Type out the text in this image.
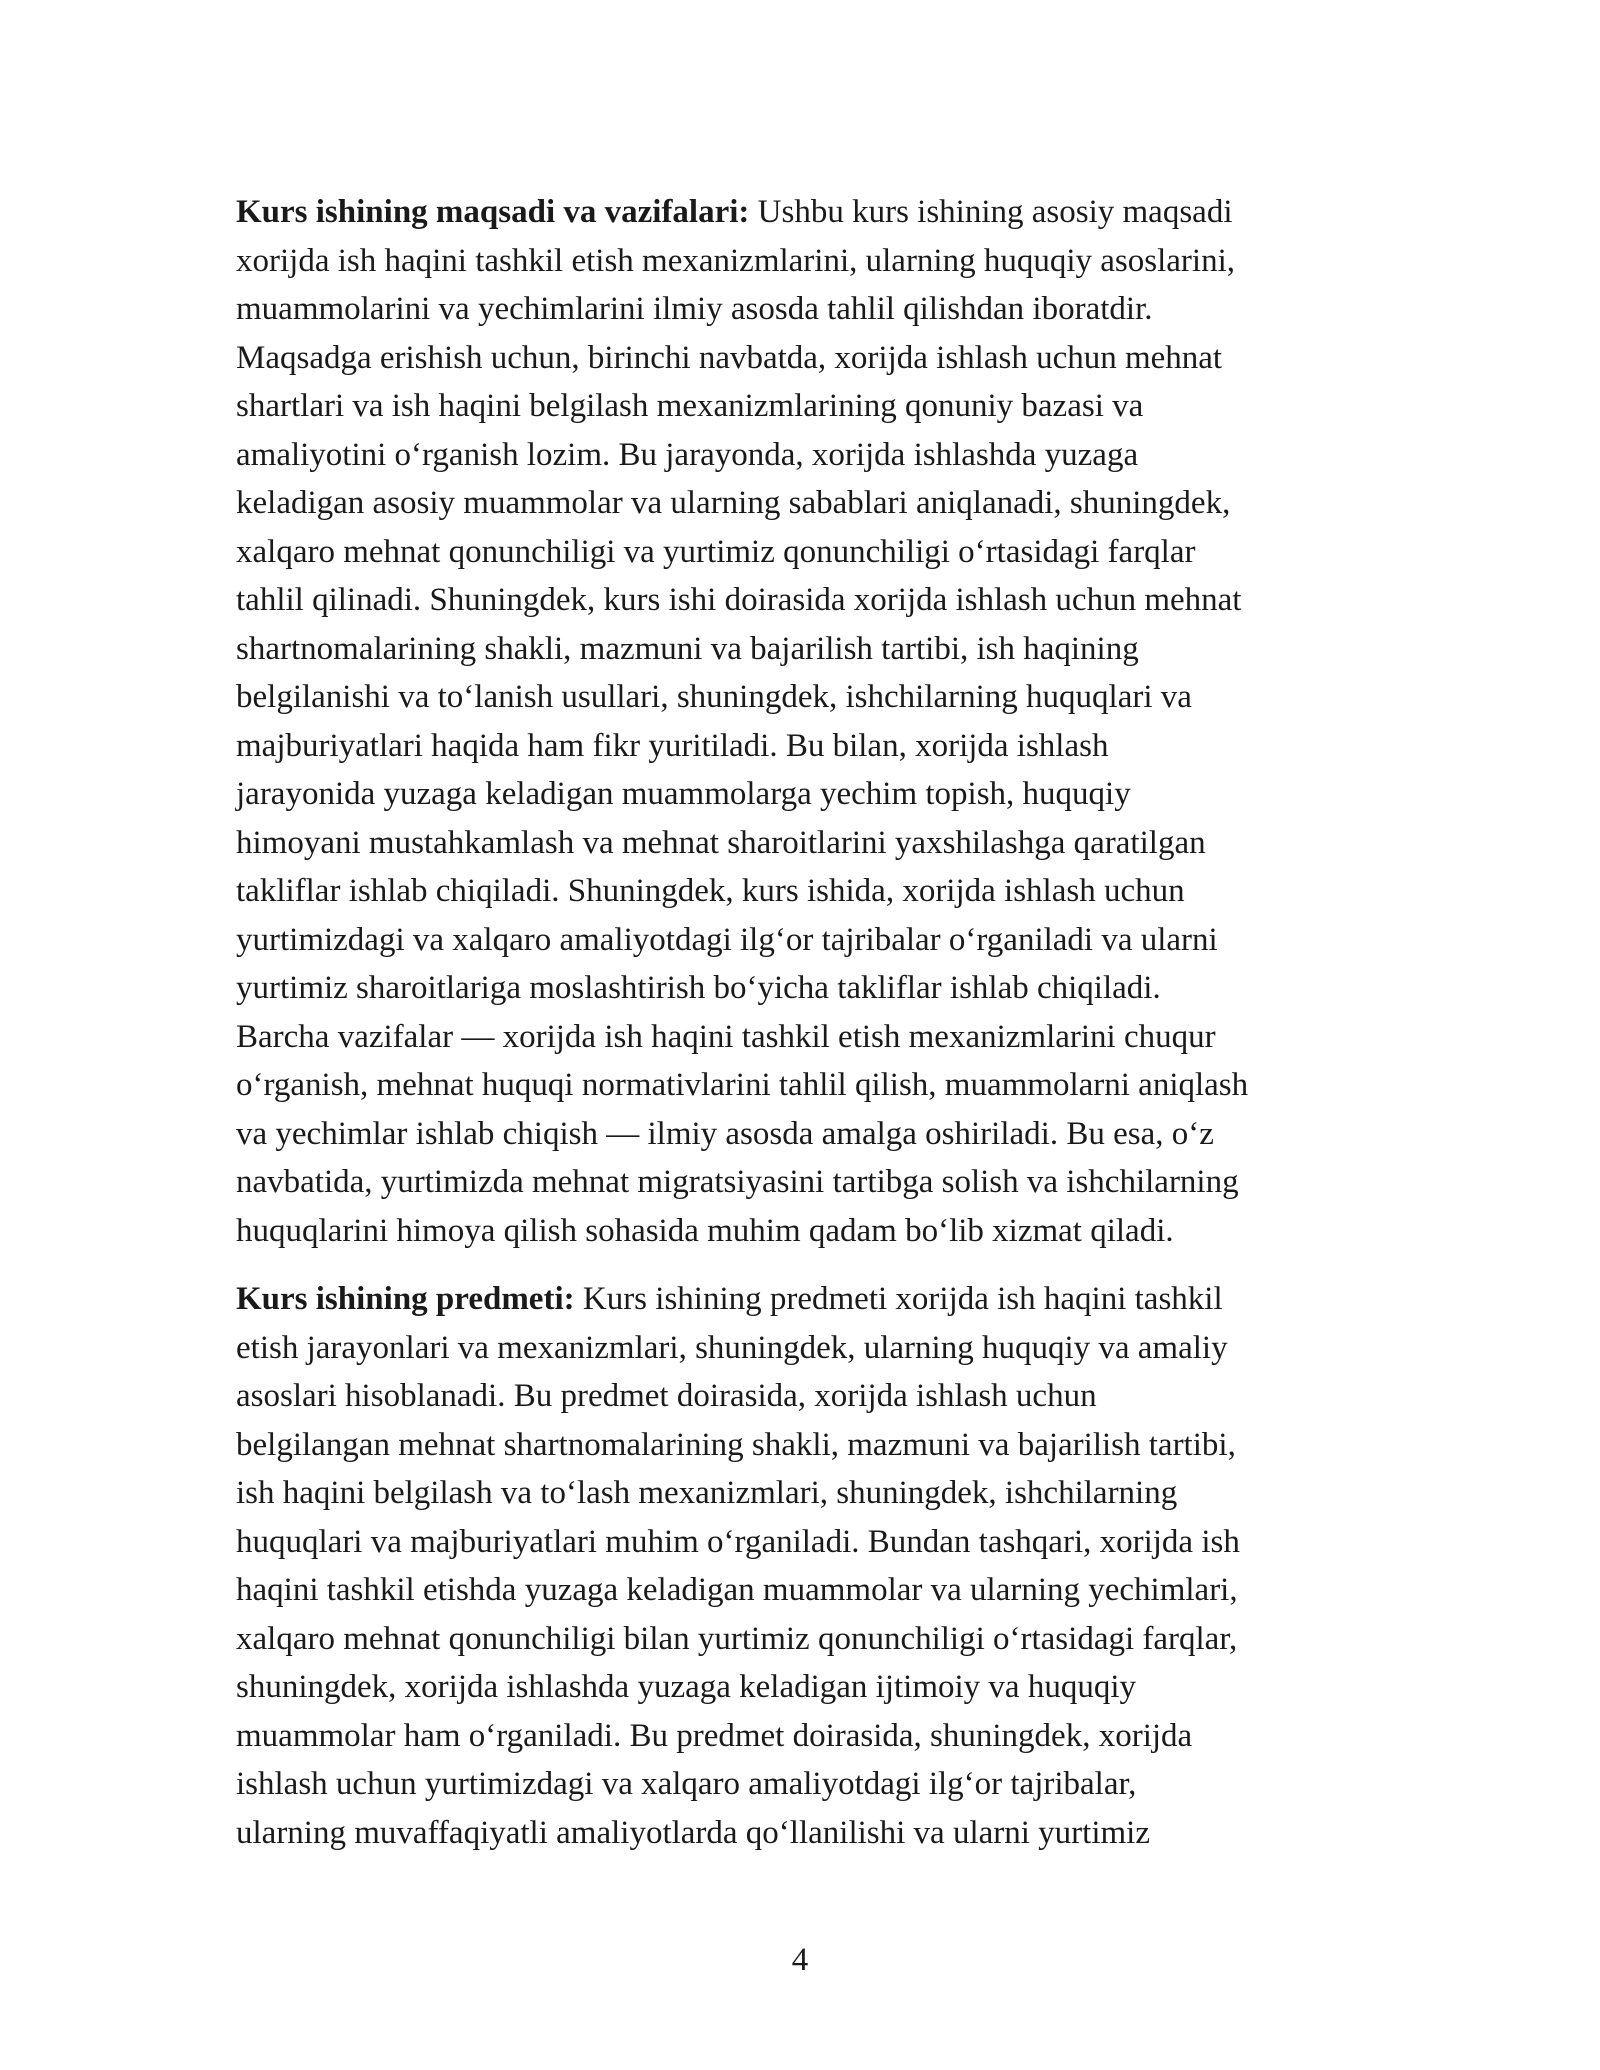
Kurs ishining maqsadi va vazifalari: Ushbu kurs ishining asosiy maqsadi
xorijda ish haqini tashkil etish mexanizmlarini, ularning huquqiy asoslarini,
muammolarini va yechimlarini ilmiy asosda tahlil qilishdan iboratdir.
Maqsadga erishish uchun, birinchi navbatda, xorijda ishlash uchun mehnat
shartlari va ish haqini belgilash mexanizmlarining qonuniy bazasi va
amaliyotini o‘rganish lozim. Bu jarayonda, xorijda ishlashda yuzaga
keladigan asosiy muammolar va ularning sabablari aniqlanadi, shuningdek,
xalqaro mehnat qonunchiligi va yurtimiz qonunchiligi o‘rtasidagi farqlar
tahlil qilinadi. Shuningdek, kurs ishi doirasida xorijda ishlash uchun mehnat
shartnomalarining shakli, mazmuni va bajarilish tartibi, ish haqining
belgilanishi va to‘lanish usullari, shuningdek, ishchilarning huquqlari va
majburiyatlari haqida ham fikr yuritiladi. Bu bilan, xorijda ishlash
jarayonida yuzaga keladigan muammolarga yechim topish, huquqiy
himoyani mustahkamlash va mehnat sharoitlarini yaxshilashga qaratilgan
takliflar ishlab chiqiladi. Shuningdek, kurs ishida, xorijda ishlash uchun
yurtimizdagi va xalqaro amaliyotdagi ilg‘or tajribalar o‘rganiladi va ularni
yurtimiz sharoitlariga moslashtirish bo‘yicha takliflar ishlab chiqiladi.
Barcha vazifalar — xorijda ish haqini tashkil etish mexanizmlarini chuqur
o‘rganish, mehnat huquqi normativlarini tahlil qilish, muammolarni aniqlash
va yechimlar ishlab chiqish — ilmiy asosda amalga oshiriladi. Bu esa, o‘z
navbatida, yurtimizda mehnat migratsiyasini tartibga solish va ishchilarning
huquqlarini himoya qilish sohasida muhim qadam bo‘lib xizmat qiladi.

Kurs ishining predmeti: Kurs ishining predmeti xorijda ish haqini tashkil
etish jarayonlari va mexanizmlari, shuningdek, ularning huquqiy va amaliy
asoslari hisoblanadi. Bu predmet doirasida, xorijda ishlash uchun
belgilangan mehnat shartnomalarining shakli, mazmuni va bajarilish tartibi,
ish haqini belgilash va to‘lash mexanizmlari, shuningdek, ishchilarning
huquqlari va majburiyatlari muhim o‘rganiladi. Bundan tashqari, xorijda ish
haqini tashkil etishda yuzaga keladigan muammolar va ularning yechimlari,
xalqaro mehnat qonunchiligi bilan yurtimiz qonunchiligi o‘rtasidagi farqlar,
shuningdek, xorijda ishlashda yuzaga keladigan ijtimoiy va huquqiy
muammolar ham o‘rganiladi. Bu predmet doirasida, shuningdek, xorijda
ishlash uchun yurtimizdagi va xalqaro amaliyotdagi ilg‘or tajribalar,
ularning muvaffaqiyatli amaliyotlarda qo‘llanilishi va ularni yurtimiz

4
